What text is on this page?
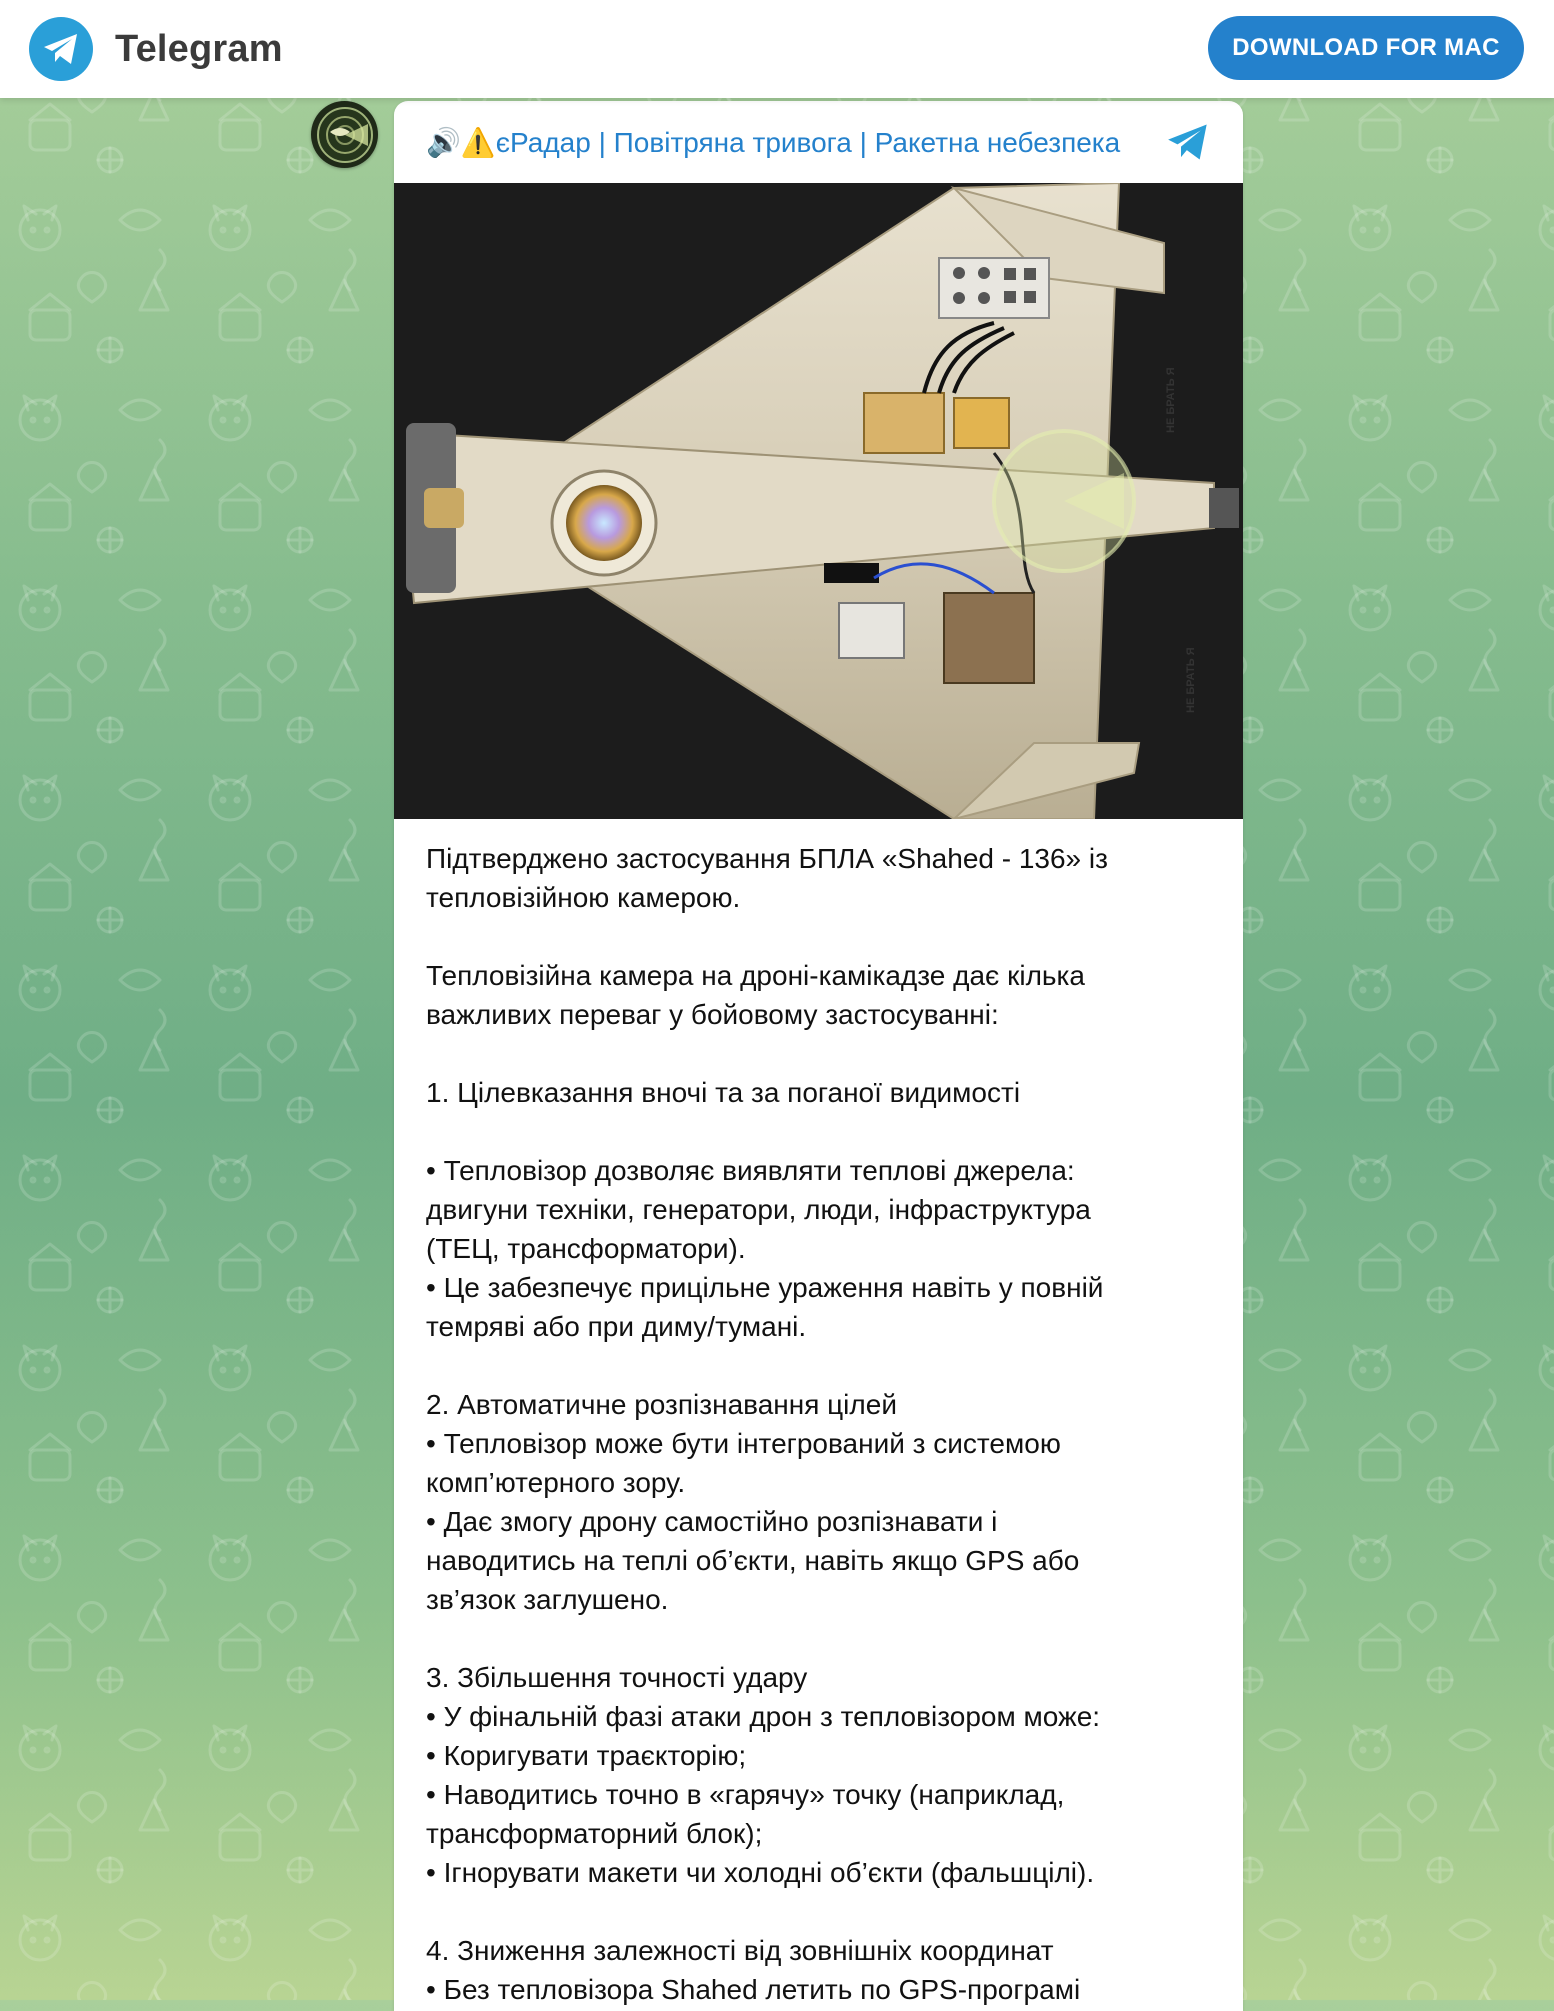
Telegram	DOWNLOAD FOR MAC
🔊⚠️єРадар | Повітряна тривога | Ракетна небезпека
НЕ БРАТЬ Я
НЕ БРАТЬ Я

Підтверджено застосування БПЛА «Shahed - 136» із

тепловізійною камерою.

Тепловізійна камера на дроні-камікадзе дає кілька

важливих переваг у бойовому застосуванні:

1. Цілевказання вночі та за поганої видимості

• Тепловізор дозволяє виявляти теплові джерела:

двигуни техніки, генератори, люди, інфраструктура

(ТЕЦ, трансформатори).

• Це забезпечує прицільне ураження навіть у повній

темряві або при диму/тумані.

2. Автоматичне розпізнавання цілей

• Тепловізор може бути інтегрований з системою

комп’ютерного зору.

• Дає змогу дрону самостійно розпізнавати і

наводитись на теплі об’єкти, навіть якщо GPS або

зв’язок заглушено.

3. Збільшення точності удару

• У фінальній фазі атаки дрон з тепловізором може:

• Коригувати траєкторію;

• Наводитись точно в «гарячу» точку (наприклад,

трансформаторний блок);

• Ігнорувати макети чи холодні об’єкти (фальшцілі).

4. Зниження залежності від зовнішніх координат

• Без тепловізора Shahed летить по GPS-програмі
